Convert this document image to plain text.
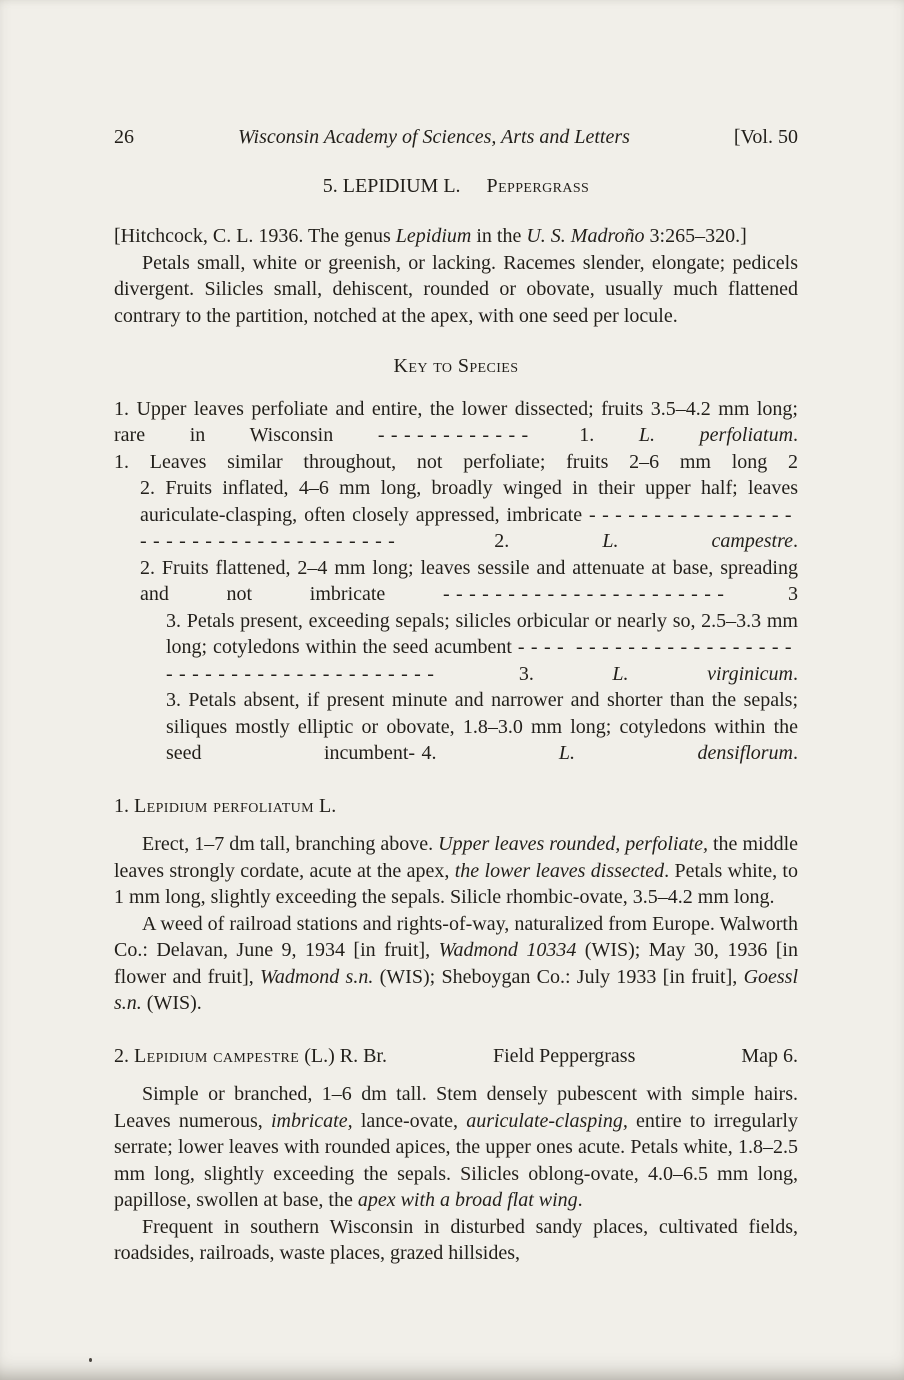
26	Wisconsin Academy of Sciences, Arts and Letters	[Vol. 50
5. LEPIDIUM L. Peppergrass

[Hitchcock, C. L. 1936. The genus Lepidium in the U. S. Madroño 3:265–320.]

Petals small, white or greenish, or lacking. Racemes slender, elongate; pedicels divergent. Silicles small, dehiscent, rounded or obovate, usually much flattened contrary to the partition, notched at the apex, with one seed per locule.

Key to Species

1. Upper leaves perfoliate and entire, the lower dissected; fruits 3.5–4.2 mm long; rare in Wisconsin ------------ 1. L. perfoliatum.

1. Leaves similar throughout, not perfoliate; fruits 2–6 mm long 2

2. Fruits inflated, 4–6 mm long, broadly winged in their upper half; leaves auriculate-clasping, often closely appressed, imbricate ------------------------------------ 2. L. campestre.

2. Fruits flattened, 2–4 mm long; leaves sessile and attenuate at base, spreading and not imbricate ---------------------- 3

3. Petals present, exceeding sepals; silicles orbicular or nearly so, 2.5–3.3 mm long; cotyledons within the seed acumbent ---- -------------------------------------- 3. L. virginicum.

3. Petals absent, if present minute and narrower and shorter than the sepals; siliques mostly elliptic or obovate, 1.8–3.0 mm long; cotyledons within the seed incumbent-4. L. densiflorum.

1. Lepidium perfoliatum L.

Erect, 1–7 dm tall, branching above. Upper leaves rounded, perfoliate, the middle leaves strongly cordate, acute at the apex, the lower leaves dissected. Petals white, to 1 mm long, slightly exceeding the sepals. Silicle rhombic-ovate, 3.5–4.2 mm long.

A weed of railroad stations and rights-of-way, naturalized from Europe. Walworth Co.: Delavan, June 9, 1934 [in fruit], Wadmond 10334 (WIS); May 30, 1936 [in flower and fruit], Wadmond s.n. (WIS); Sheboygan Co.: July 1933 [in fruit], Goessl s.n. (WIS).

2. Lepidium campestre (L.) R. Br.	Field Peppergrass	Map 6.

Simple or branched, 1–6 dm tall. Stem densely pubescent with simple hairs. Leaves numerous, imbricate, lance-ovate, auriculate-clasping, entire to irregularly serrate; lower leaves with rounded apices, the upper ones acute. Petals white, 1.8–2.5 mm long, slightly exceeding the sepals. Silicles oblong-ovate, 4.0–6.5 mm long, papillose, swollen at base, the apex with a broad flat wing.

Frequent in southern Wisconsin in disturbed sandy places, cultivated fields, roadsides, railroads, waste places, grazed hillsides,
